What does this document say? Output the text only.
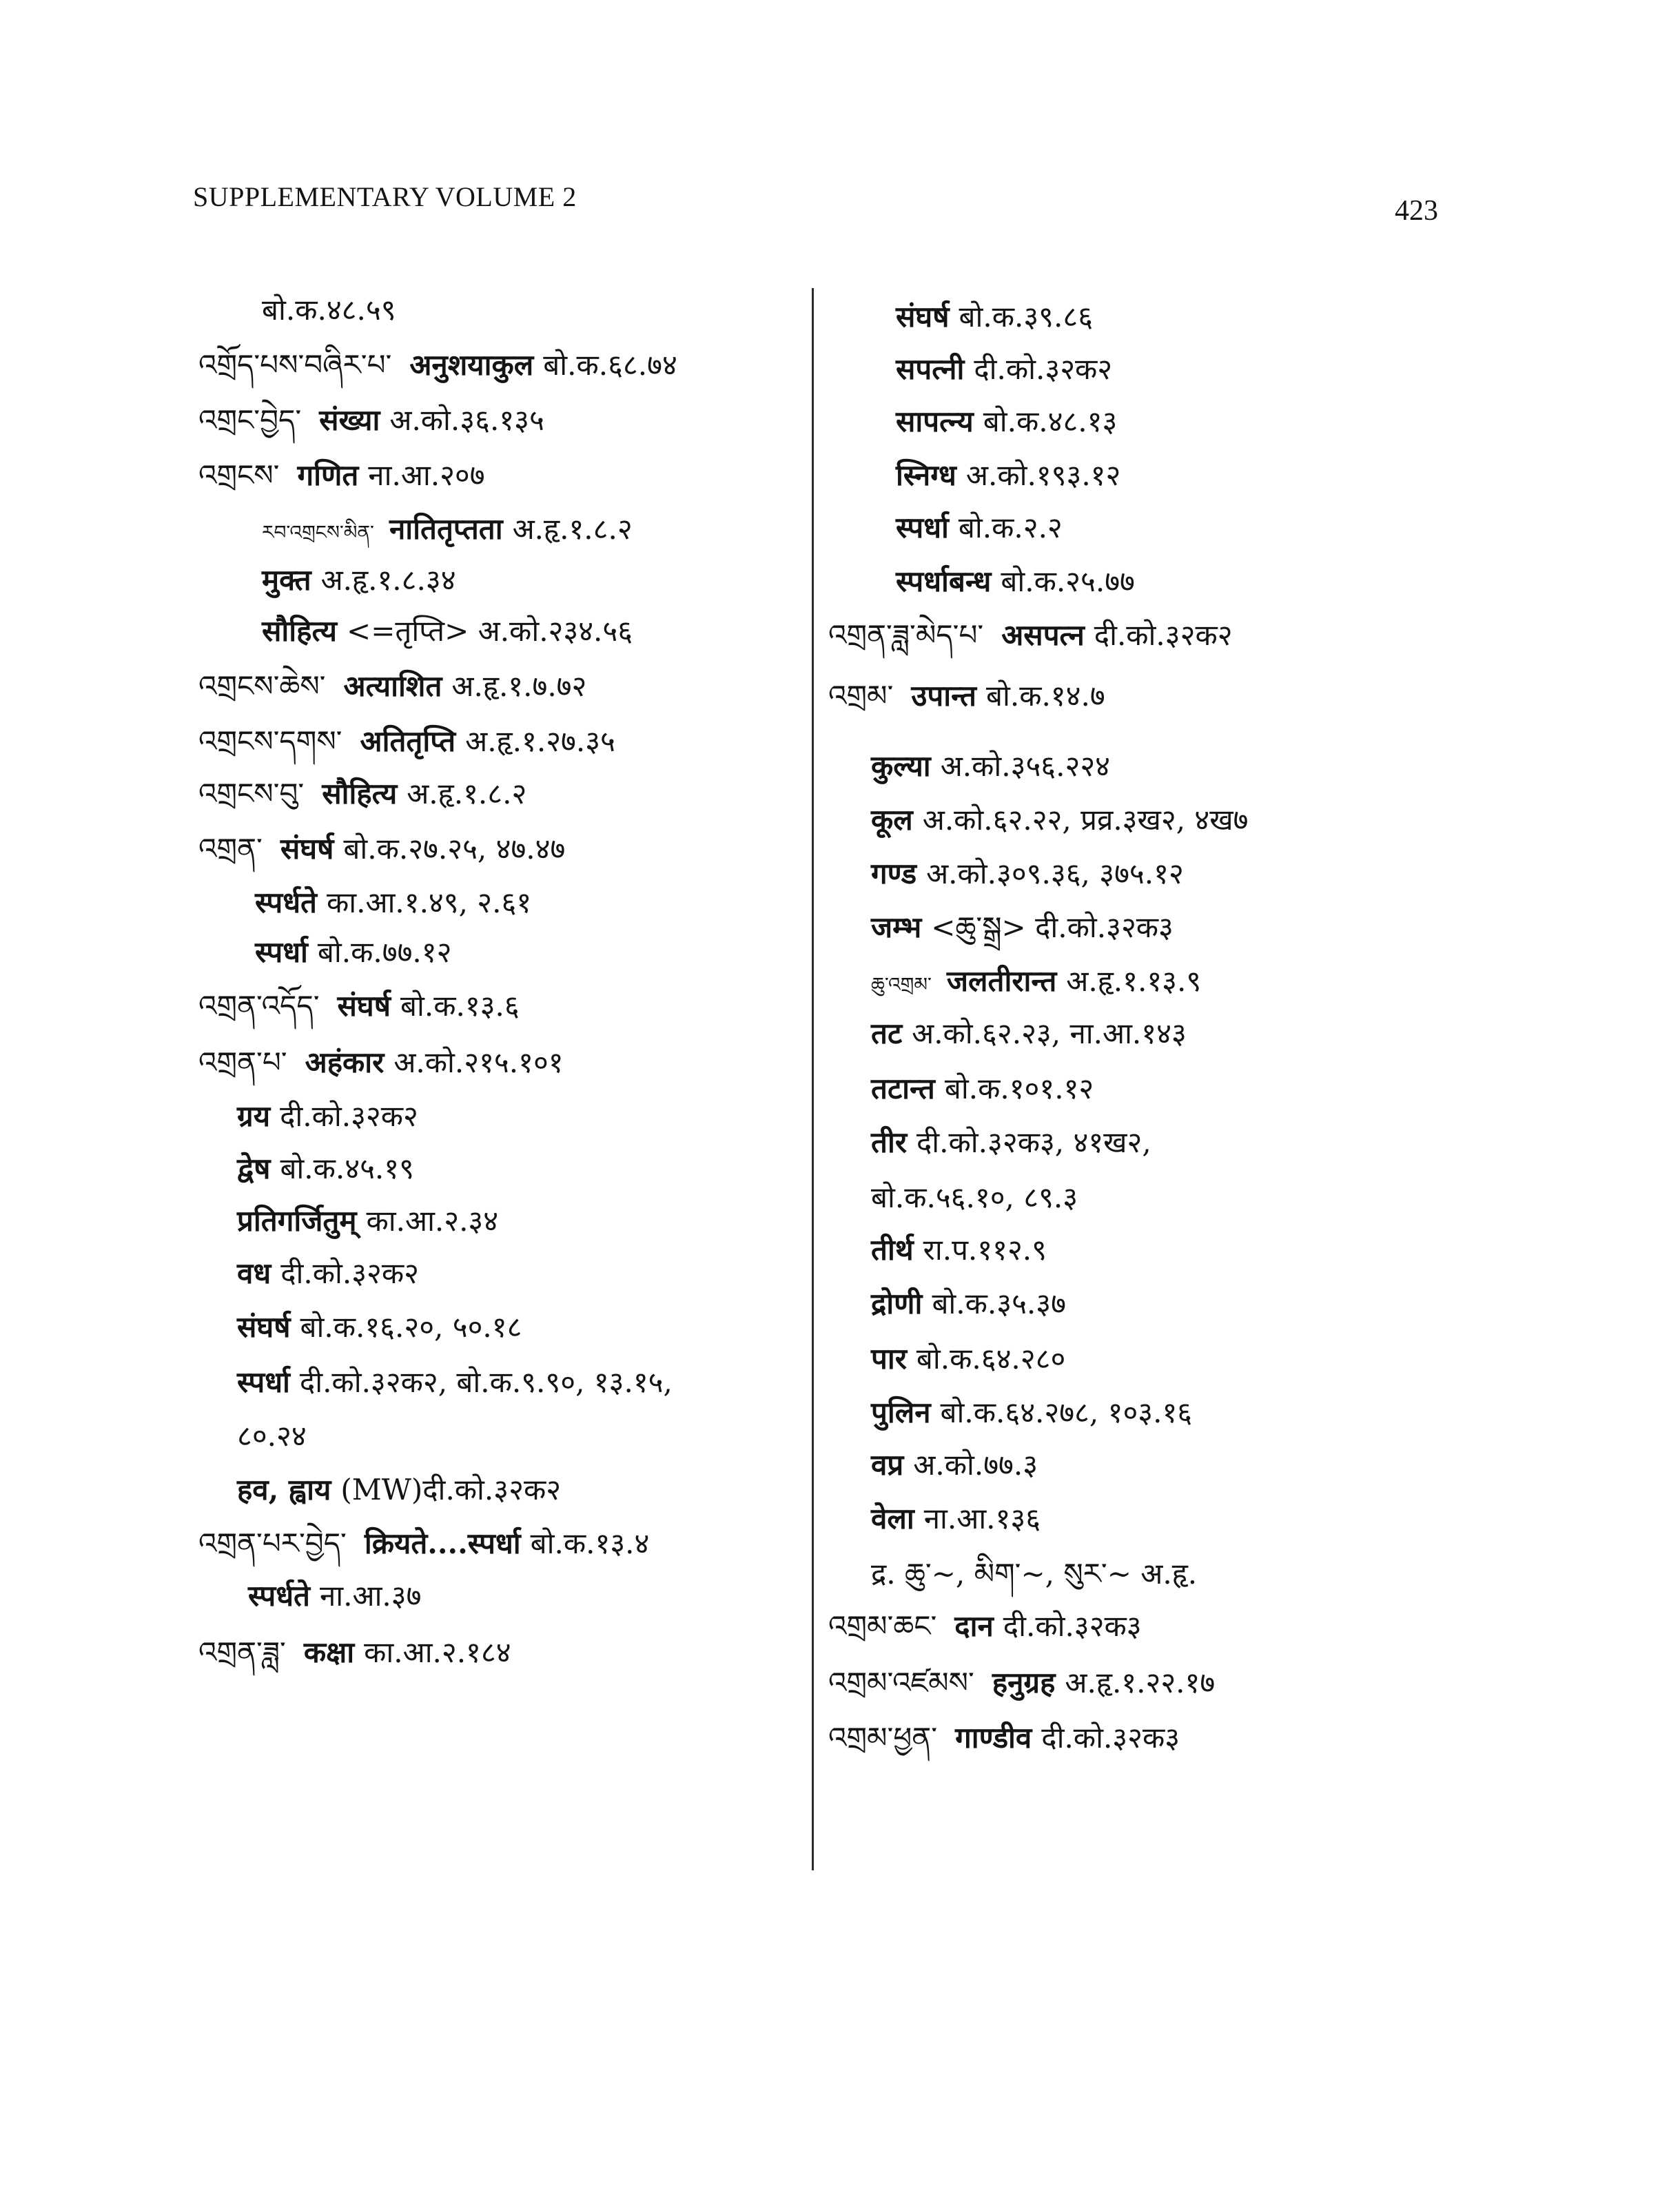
SUPPLEMENTARY VOLUME 2	423
बो.क.४८.५९
འགྲོད་པས་བཞིར་པ་ अनुशयाकुल बो.क.६८.७४
འགྲང་བྱེད་ संख्या अ.को.३६.१३५
འགྲངས་ गणित ना.आ.२०७
རབ་འགྲངས་མིན་ नातितृप्तता अ.हृ.१.८.२
मुक्त अ.हृ.१.८.३४
सौहित्य <=तृप्ति> अ.को.२३४.५६
འགྲངས་ཆེས་ अत्याशित अ.हृ.१.७.७२
འགྲངས་དགས་ अतितृप्ति अ.हृ.१.२७.३५
འགྲངས་བུ་ सौहित्य अ.हृ.१.८.२
འགྲན་ संघर्ष बो.क.२७.२५, ४७.४७
स्पर्धते का.आ.१.४९, २.६१
स्पर्धा बो.क.७७.१२
འགྲན་འདོད་ संघर्ष बो.क.१३.६
འགྲན་པ་ अहंकार अ.को.२१५.१०१
ग्रय दी.को.३२क२
द्वेष बो.क.४५.१९
प्रतिगर्जितुम् का.आ.२.३४
वध दी.को.३२क२
संघर्ष बो.क.१६.२०, ५०.१८
स्पर्धा दी.को.३२क२, बो.क.९.९०, १३.१५,
८०.२४
हव, ह्वाय (MW)दी.को.३२क२
འགྲན་པར་བྱེད་ क्रियते....स्पर्धा बो.क.१३.४
स्पर्धते ना.आ.३७
འགྲན་ཟླ་ कक्षा का.आ.२.१८४
संघर्ष बो.क.३९.८६
सपत्नी दी.को.३२क२
सापत्न्य बो.क.४८.१३
स्निग्ध अ.को.१९३.१२
स्पर्धा बो.क.२.२
स्पर्धाबन्ध बो.क.२५.७७
འགྲན་ཟླ་མེད་པ་ असपत्न दी.को.३२क२
འགྲམ་ उपान्त बो.क.१४.७
कुल्या अ.को.३५६.२२४
कूल अ.को.६२.२२, प्रव्र.३ख२, ४ख७
गण्ड अ.को.३०९.३६, ३७५.१२
जम्भ <ཆུ་སྒྲ> दी.को.३२क३
ཆུ་འགྲམ་ जलतीरान्त अ.हृ.१.१३.९
तट अ.को.६२.२३, ना.आ.१४३
तटान्त बो.क.१०१.१२
तीर दी.को.३२क३, ४१ख२,
बो.क.५६.१०, ८९.३
तीर्थ रा.प.११२.९
द्रोणी बो.क.३५.३७
पार बो.क.६४.२८०
पुलिन बो.क.६४.२७८, १०३.१६
वप्र अ.को.७७.३
वेला ना.आ.१३६
द्र. ཆུ་~, མིག་~, སུར་~ अ.हृ.
འགྲམ་ཆང་ दान दी.को.३२क३
འགྲམ་འཛམས་ हनुग्रह अ.हृ.१.२२.१७
འགྲམ་ཕྱན་ गाण्डीव दी.को.३२क३
